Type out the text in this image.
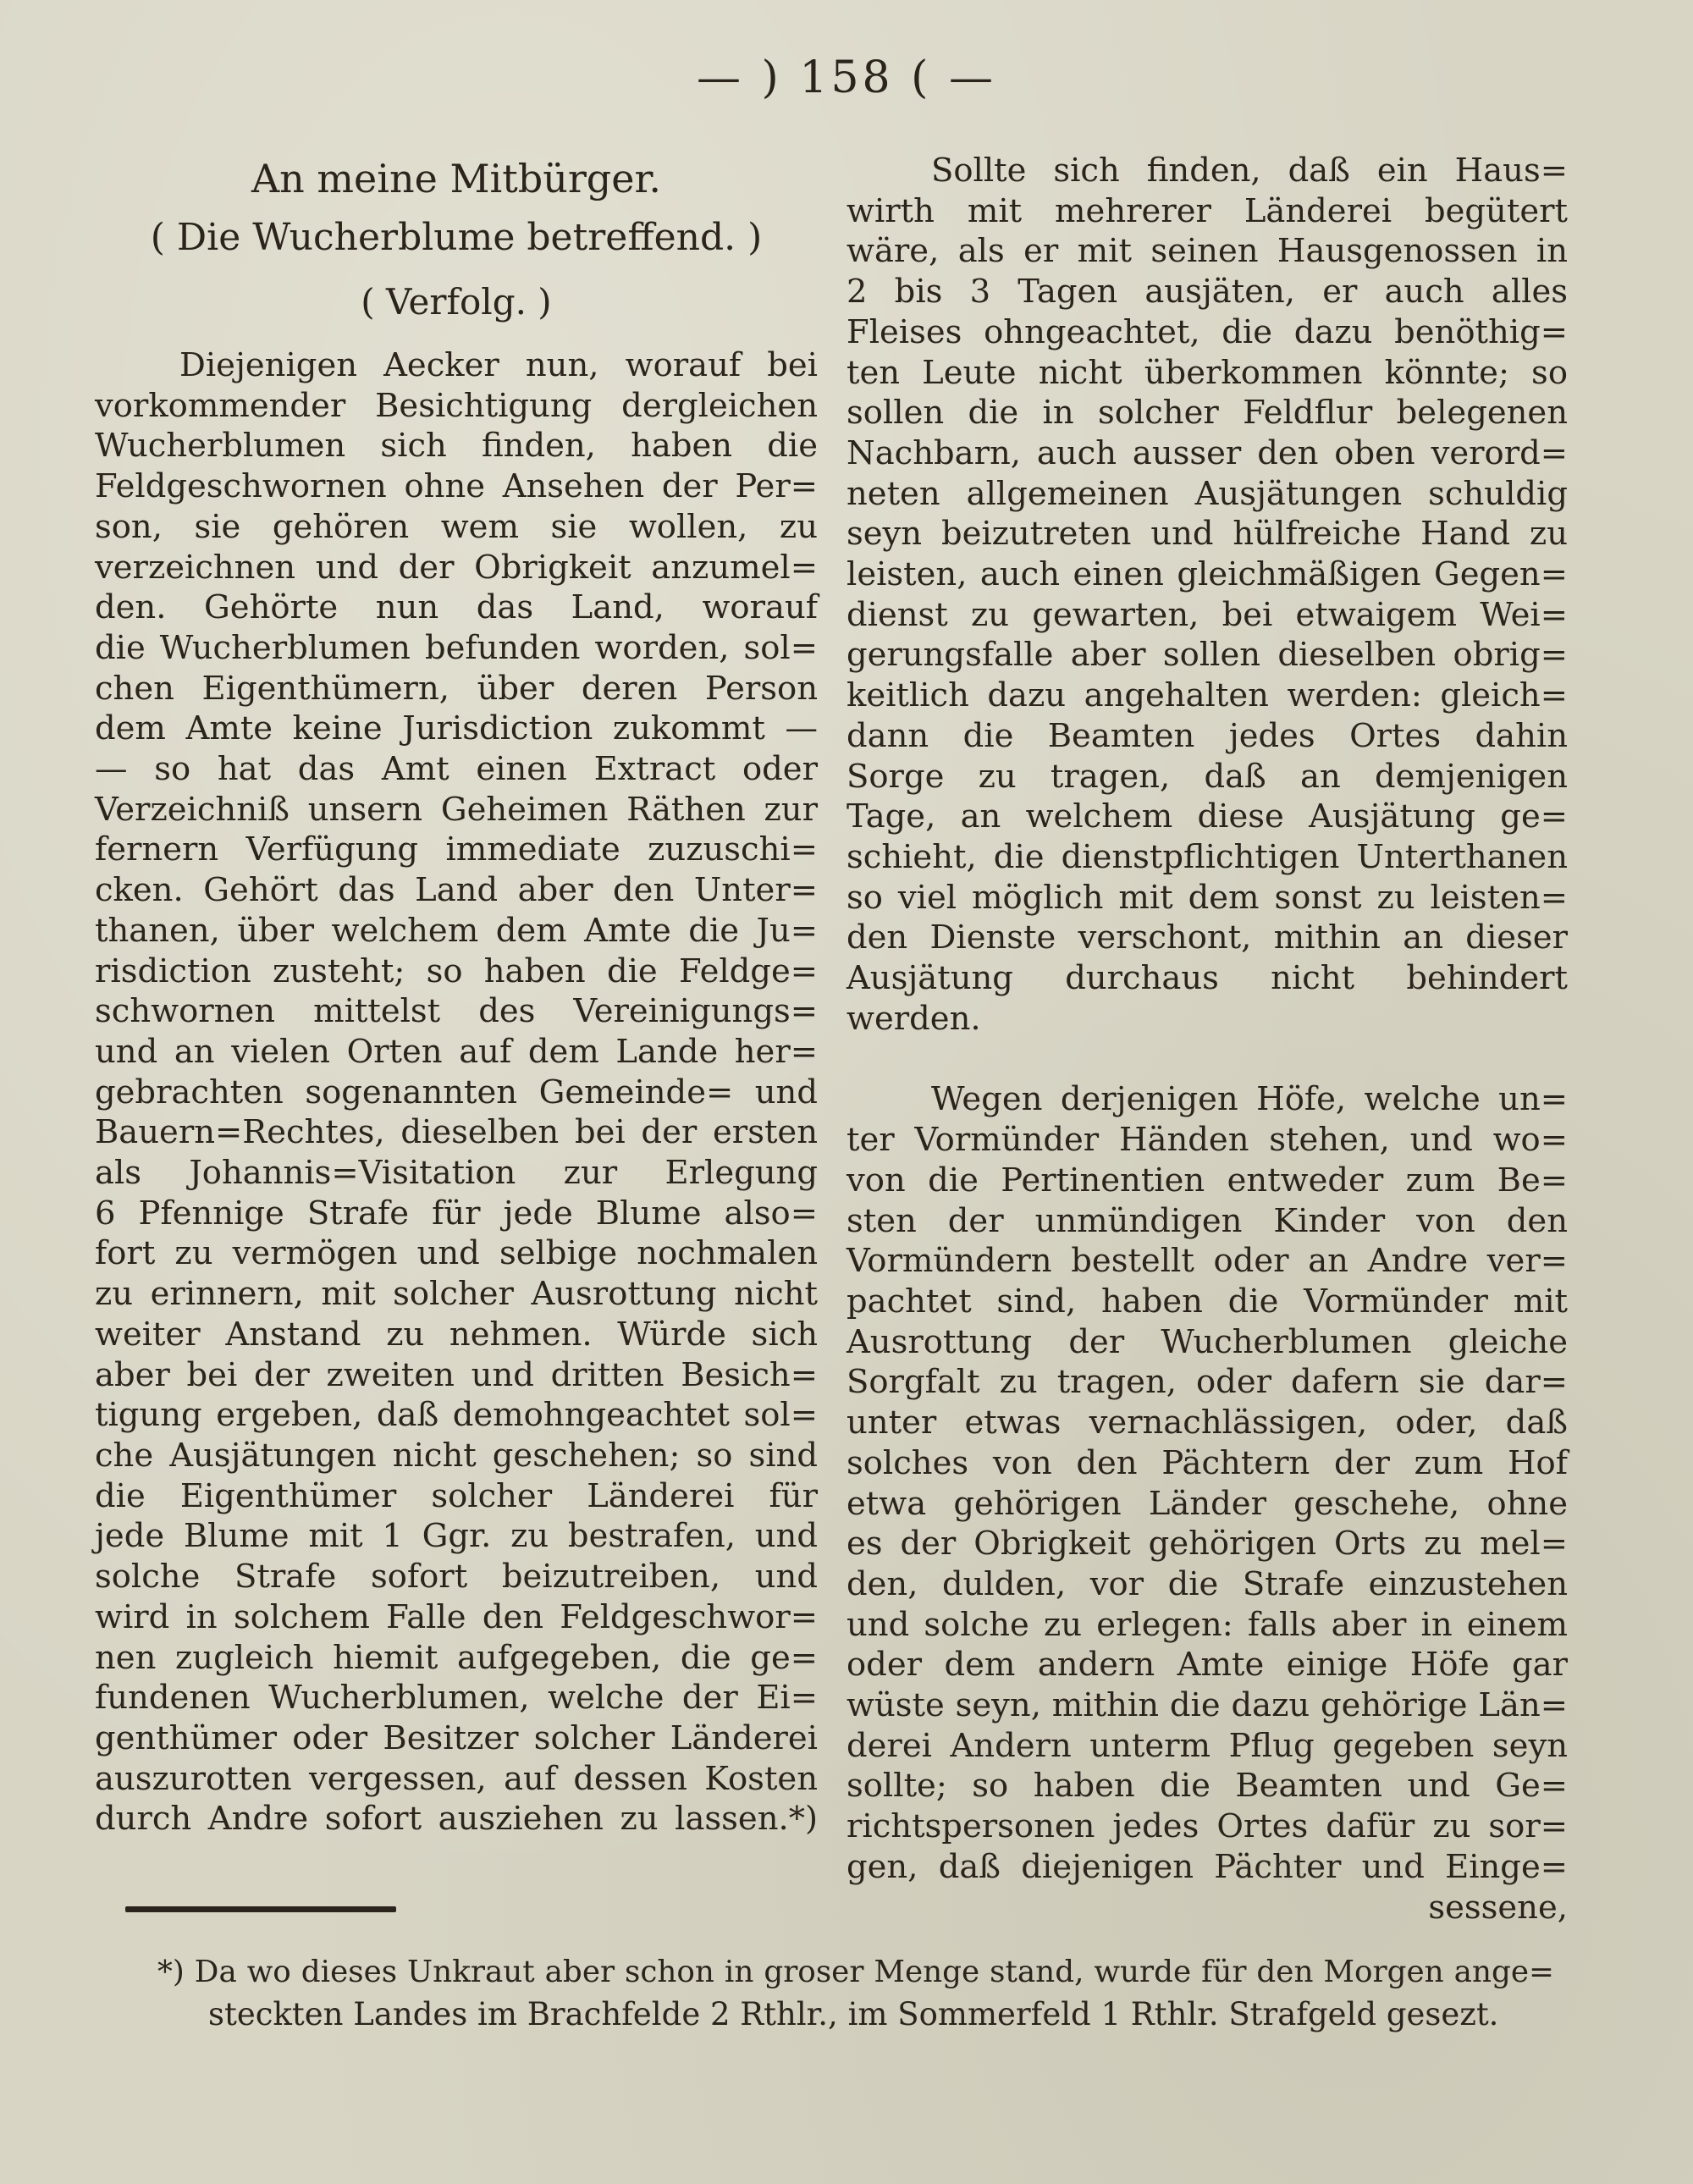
— ) 158 ( —
An meine Mitbürger.
( Die Wucherblume betreffend. )
( Verfolg. )
Diejenigen Aecker nun, worauf bei
vorkommender Besichtigung dergleichen
Wucherblumen sich finden, haben die
Feldgeschwornen ohne Ansehen der Per=
son, sie gehören wem sie wollen, zu
verzeichnen und der Obrigkeit anzumel=
den. Gehörte nun das Land, worauf
die Wucherblumen befunden worden, sol=
chen Eigenthümern, über deren Person
dem Amte keine Jurisdiction zukommt —
— so hat das Amt einen Extract oder
Verzeichniß unsern Geheimen Räthen zur
fernern Verfügung immediate zuzuschi=
cken. Gehört das Land aber den Unter=
thanen, über welchem dem Amte die Ju=
risdiction zusteht; so haben die Feldge=
schwornen mittelst des Vereinigungs=
und an vielen Orten auf dem Lande her=
gebrachten sogenannten Gemeinde= und
Bauern=Rechtes, dieselben bei der ersten
als Johannis=Visitation zur Erlegung
6 Pfennige Strafe für jede Blume also=
fort zu vermögen und selbige nochmalen
zu erinnern, mit solcher Ausrottung nicht
weiter Anstand zu nehmen. Würde sich
aber bei der zweiten und dritten Besich=
tigung ergeben, daß demohngeachtet sol=
che Ausjätungen nicht geschehen; so sind
die Eigenthümer solcher Länderei für
jede Blume mit 1 Ggr. zu bestrafen, und
solche Strafe sofort beizutreiben, und
wird in solchem Falle den Feldgeschwor=
nen zugleich hiemit aufgegeben, die ge=
fundenen Wucherblumen, welche der Ei=
genthümer oder Besitzer solcher Länderei
auszurotten vergessen, auf dessen Kosten
durch Andre sofort ausziehen zu lassen.*)
Sollte sich finden, daß ein Haus=
wirth mit mehrerer Länderei begütert
wäre, als er mit seinen Hausgenossen in
2 bis 3 Tagen ausjäten, er auch alles
Fleises ohngeachtet, die dazu benöthig=
ten Leute nicht überkommen könnte; so
sollen die in solcher Feldflur belegenen
Nachbarn, auch ausser den oben verord=
neten allgemeinen Ausjätungen schuldig
seyn beizutreten und hülfreiche Hand zu
leisten, auch einen gleichmäßigen Gegen=
dienst zu gewarten, bei etwaigem Wei=
gerungsfalle aber sollen dieselben obrig=
keitlich dazu angehalten werden: gleich=
dann die Beamten jedes Ortes dahin
Sorge zu tragen, daß an demjenigen
Tage, an welchem diese Ausjätung ge=
schieht, die dienstpflichtigen Unterthanen
so viel möglich mit dem sonst zu leisten=
den Dienste verschont, mithin an dieser
Ausjätung durchaus nicht behindert
werden.
Wegen derjenigen Höfe, welche un=
ter Vormünder Händen stehen, und wo=
von die Pertinentien entweder zum Be=
sten der unmündigen Kinder von den
Vormündern bestellt oder an Andre ver=
pachtet sind, haben die Vormünder mit
Ausrottung der Wucherblumen gleiche
Sorgfalt zu tragen, oder dafern sie dar=
unter etwas vernachlässigen, oder, daß
solches von den Pächtern der zum Hof
etwa gehörigen Länder geschehe, ohne
es der Obrigkeit gehörigen Orts zu mel=
den, dulden, vor die Strafe einzustehen
und solche zu erlegen: falls aber in einem
oder dem andern Amte einige Höfe gar
wüste seyn, mithin die dazu gehörige Län=
derei Andern unterm Pflug gegeben seyn
sollte; so haben die Beamten und Ge=
richtspersonen jedes Ortes dafür zu sor=
gen, daß diejenigen Pächter und Einge=
sessene,
*) Da wo dieses Unkraut aber schon in groser Menge stand, wurde für den Morgen ange=
steckten Landes im Brachfelde 2 Rthlr., im Sommerfeld 1 Rthlr. Strafgeld gesezt.
